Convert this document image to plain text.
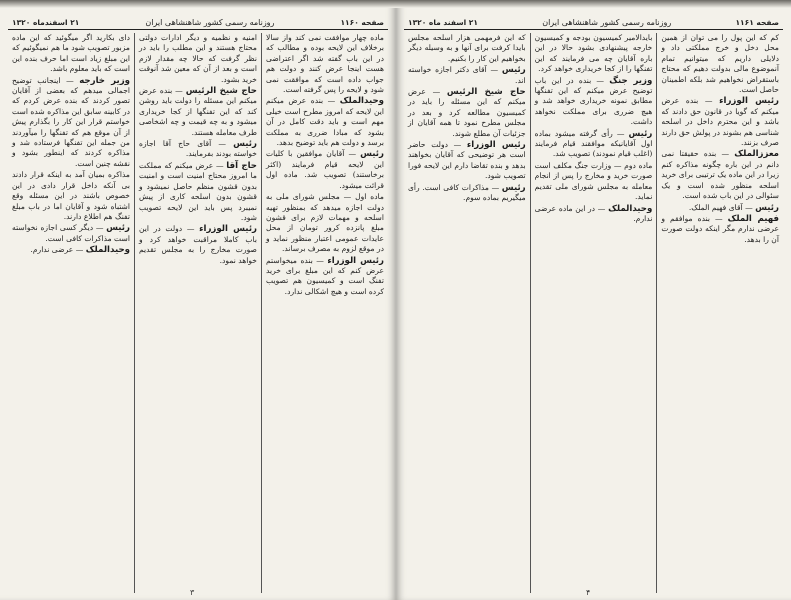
صفحه ۱۱۶۰
روزنامه رسمی کشور شاهنشاهی ایران
۲۱ اسفندماه ۱۳۲۰

ماده چهار موافقت نمی کند واز سالا برخلاف این لایحه بوده و مطالب که در این باب گفته شد اگر اعتراضی هست اینجا عرض کنند و دولت هم جواب داده است که موافقت نمی شود و لایحه را پس گرفته است.

وحیدالملک — بنده عرض میکنم این لایحه که امروز مطرح است خیلی مهم است و باید دقت کامل در آن بشود که مبادا ضرری به مملکت برسد و دولت هم باید توضیح بدهد.

رئیس — آقایان موافقین با کلیات این لایحه قیام فرمایند (اکثر برخاستند) تصویب شد. ماده اول قرائت میشود.

ماده اول — مجلس شورای ملی به دولت اجازه میدهد که بمنظور تهیه اسلحه و مهمات لازم برای قشون مبلغ پانزده کرور تومان از محل عایدات عمومی اعتبار منظور نماید و در موقع لزوم به مصرف برساند.

رئیس الوزراء — بنده میخواستم عرض کنم که این مبلغ برای خرید تفنگ است و کمیسیون هم تصویب کرده است و هیچ اشکالی ندارد.

امنیه و نظمیه و دیگر ادارات دولتی محتاج هستند و این مطلب را باید در نظر گرفت که حالا چه مقدار لازم است و بعد از آن که معین شد آنوقت خرید بشود.

حاج شیخ الرئیس — بنده عرض میکنم این مسئله را دولت باید روشن کند که این تفنگها از کجا خریداری میشود و به چه قیمت و چه اشخاصی طرف معامله هستند.

رئیس — آقای حاج آقا اجازه خواسته بودند بفرمایند.

حاج آقا — عرض میکنم که مملکت ما امروز محتاج امنیت است و امنیت بدون قشون منظم حاصل نمیشود و قشون بدون اسلحه کاری از پیش نمیبرد پس باید این لایحه تصویب شود.

رئیس الوزراء — دولت در این باب کاملا مراقبت خواهد کرد و صورت مخارج را به مجلس تقدیم خواهد نمود.

دای بکارید اگر میگوئید که این ماده مزبور تصویب شود ما هم نمیگوئیم که این مبلغ زیاد است اما حرف بنده این است که باید معلوم باشد.

وزیر خارجه — اینجانب توضیح اجمالی میدهم که بعضی از آقایان تصور کردند که بنده عرض کردم که در کابینه سابق این مذاکره شده است خواستم قرار این کار را بگذارم پیش از آن موقع هم که تفنگها را میآوردند من جمله این تفنگها فرستاده شد و مذاکره کردند که اینطور بشود و نقشه چنین است.

مذاکره بمیان آمد به اینکه قرار دادند بی آنکه داخل قرار دادی در این خصوص باشند در این مسئله وقع اشتباه شود و آقایان اما در باب مبلغ تفنگ هم اطلاع دارند.

رئیس — دیگر کسی اجازه نخواسته است مذاکرات کافی است.

وحیدالملک — عرضی ندارم.

۳
صفحه ۱۱۶۱
روزنامه رسمی کشور شاهنشاهی ایران
۲۱ اسفند ماه ۱۳۲۰

کم که این پول را می توان از همین محل دخل و خرج مملکتی داد و دلایلی داریم که میتوانیم تمام آنموضوع مالی بدولت دهیم که محتاج باستقراض نخواهیم شد بلکه اطمینان حاصل است.

رئیس الوزراء — بنده عرض میکنم که گویا در قانون حق دادند که باشد و این محترم داخل در اسلحه شناسی هم بشوند در پولش حق دارند صرف بزنند.

معززالملک — بنده حقیقتا نمی دانم در این باره چگونه مذاکره کنم زیرا در این ماده یک ترتیبی برای خرید اسلحه منظور شده است و یک سئوالی در این باب شده است.

رئیس — آقای فهیم الملک.

فهیم الملک — بنده موافقم و عرضی ندارم مگر اینکه دولت صورت آن را بدهد.

بایدالامیر کمیسیون بودجه و کمیسیون خارجه پیشنهادی بشود حالا در این باره آقایان چه می فرمایند که این تفنگها را از کجا خریداری خواهد کرد.

وزیر جنگ — بنده در این باب توضیح عرض میکنم که این تفنگها مطابق نمونه خریداری خواهد شد و هیچ ضرری برای مملکت نخواهد داشت.

رئیس — رأی گرفته میشود بماده اول آقایانیکه موافقند قیام فرمایند (اغلب قیام نمودند) تصویب شد.

ماده دوم — وزارت جنگ مکلف است صورت خرید و مخارج را پس از انجام معامله به مجلس شورای ملی تقدیم نماید.

وحیدالملک — در این ماده عرضی ندارم.

که این فرمهمی هزار اسلحه مجلس بایدا کرفت برای آنها و به وسیله دیگر بخواهیم این کار را بکنیم.

رئیس — آقای دکتر اجازه خواسته اند.

حاج شیخ الرئیس — عرض میکنم که این مسئله را باید در کمیسیون مطالعه کرد و بعد در مجلس مطرح نمود تا همه آقایان از جزئیات آن مطلع شوند.

رئیس الوزراء — دولت حاضر است هر توضیحی که آقایان بخواهند بدهد و بنده تقاضا دارم این لایحه فورا تصویب شود.

رئیس — مذاکرات کافی است. رأی میگیریم بماده سوم.

۴
